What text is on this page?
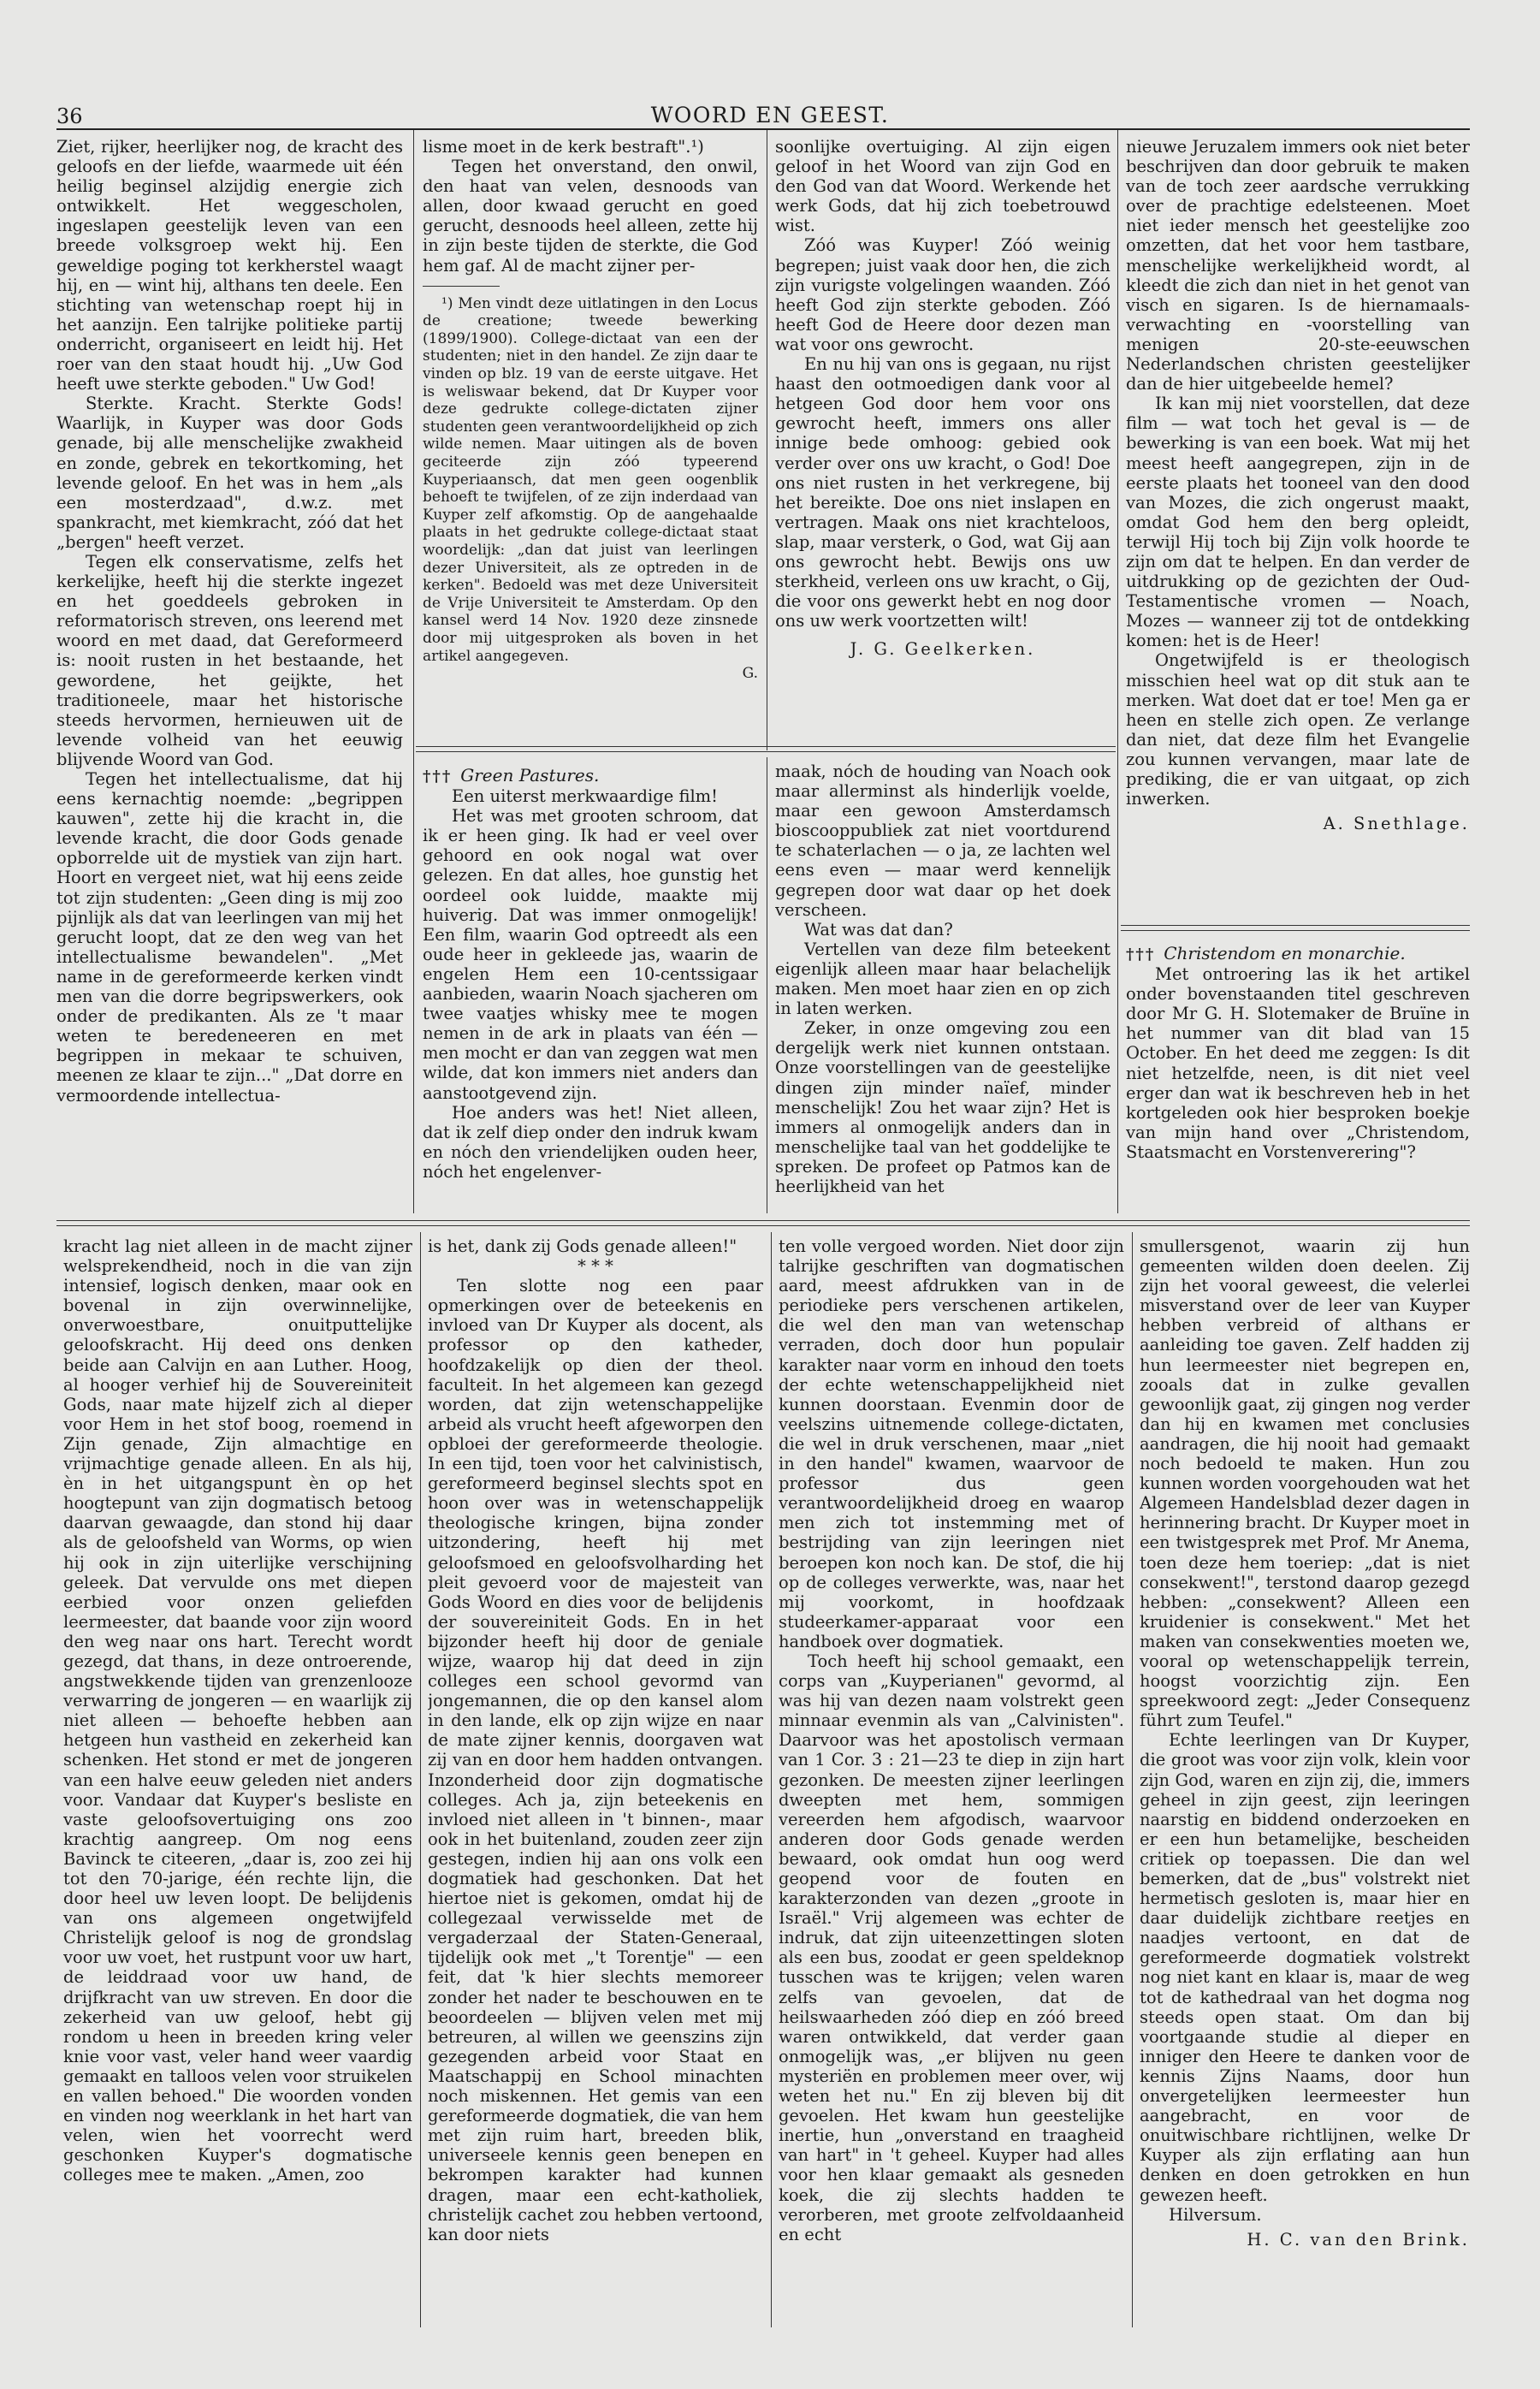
36	WOORD EN GEEST.

Ziet, rijker, heerlijker nog, de kracht des geloofs en der liefde, waarmede uit één heilig beginsel alzijdig energie zich ontwikkelt. Het weggescholen, ingeslapen geestelijk leven van een breede volksgroep wekt hij. Een geweldige poging tot kerkherstel waagt hij, en — wint hij, althans ten deele. Een stichting van wetenschap roept hij in het aanzijn. Een talrijke politieke partij onderricht, organiseert en leidt hij. Het roer van den staat houdt hij. „Uw God heeft uwe sterkte geboden." Uw God!

Sterkte. Kracht. Sterkte Gods! Waarlijk, in Kuyper was door Gods genade, bij alle menschelijke zwakheid en zonde, gebrek en tekortkoming, het levende geloof. En het was in hem „als een mosterdzaad", d.w.z. met spankracht, met kiemkracht, zóó dat het „bergen" heeft verzet.

Tegen elk conservatisme, zelfs het kerkelijke, heeft hij die sterkte ingezet en het goeddeels gebroken in reformatorisch streven, ons leerend met woord en met daad, dat Gereformeerd is: nooit rusten in het bestaande, het gewordene, het geijkte, het traditioneele, maar het historische steeds hervormen, hernieuwen uit de levende volheid van het eeuwig blijvende Woord van God.

Tegen het intellectualisme, dat hij eens kernachtig noemde: „begrippen kauwen", zette hij die kracht in, die levende kracht, die door Gods genade opborrelde uit de mystiek van zijn hart. Hoort en vergeet niet, wat hij eens zeide tot zijn studenten: „Geen ding is mij zoo pijnlijk als dat van leerlingen van mij het gerucht loopt, dat ze den weg van het intellectualisme bewandelen". „Met name in de gereformeerde kerken vindt men van die dorre begripswerkers, ook onder de predikanten. Als ze 't maar weten te beredeneeren en met begrippen in mekaar te schuiven, meenen ze klaar te zijn..." „Dat dorre en vermoordende intellectua-

lisme moet in de kerk bestraft".¹)

Tegen het onverstand, den onwil, den haat van velen, desnoods van allen, door kwaad gerucht en goed gerucht, desnoods heel alleen, zette hij in zijn beste tijden de sterkte, die God hem gaf. Al de macht zijner per-

¹) Men vindt deze uitlatingen in den Locus de creatione; tweede bewerking (1899/1900). College-dictaat van een der studenten; niet in den handel. Ze zijn daar te vinden op blz. 19 van de eerste uitgave. Het is weliswaar bekend, dat Dr Kuyper voor deze gedrukte college-dictaten zijner studenten geen verantwoordelijkheid op zich wilde nemen. Maar uitingen als de boven geciteerde zijn zóó typeerend Kuyperiaansch, dat men geen oogenblik behoeft te twijfelen, of ze zijn inderdaad van Kuyper zelf afkomstig. Op de aangehaalde plaats in het gedrukte college-dictaat staat woordelijk: „dan dat juist van leerlingen dezer Universiteit, als ze optreden in de kerken". Bedoeld was met deze Universiteit de Vrije Universiteit te Amsterdam. Op den kansel werd 14 Nov. 1920 deze zinsnede door mij uitgesproken als boven in het artikel aangegeven.

G.

soonlijke overtuiging. Al zijn eigen geloof in het Woord van zijn God en den God van dat Woord. Werkende het werk Gods, dat hij zich toebetrouwd wist.

Zóó was Kuyper! Zóó weinig begrepen; juist vaak door hen, die zich zijn vurigste volgelingen waanden. Zóó heeft God zijn sterkte geboden. Zóó heeft God de Heere door dezen man wat voor ons gewrocht.

En nu hij van ons is gegaan, nu rijst haast den ootmoedigen dank voor al hetgeen God door hem voor ons gewrocht heeft, immers ons aller innige bede omhoog: gebied ook verder over ons uw kracht, o God! Doe ons niet rusten in het verkregene, bij het bereikte. Doe ons niet inslapen en vertragen. Maak ons niet krachteloos, slap, maar versterk, o God, wat Gij aan ons gewrocht hebt. Bewijs ons uw sterkheid, verleen ons uw kracht, o Gij, die voor ons gewerkt hebt en nog door ons uw werk voortzetten wilt!

J. G. Geelkerken.

††† Green Pastures.

Een uiterst merkwaardige film!

Het was met grooten schroom, dat ik er heen ging. Ik had er veel over gehoord en ook nogal wat over gelezen. En dat alles, hoe gunstig het oordeel ook luidde, maakte mij huiverig. Dat was immer onmogelijk! Een film, waarin God optreedt als een oude heer in gekleede jas, waarin de engelen Hem een 10-centssigaar aanbieden, waarin Noach sjacheren om twee vaatjes whisky mee te mogen nemen in de ark in plaats van één — men mocht er dan van zeggen wat men wilde, dat kon immers niet anders dan aanstootgevend zijn.

Hoe anders was het! Niet alleen, dat ik zelf diep onder den indruk kwam en nóch den vriendelijken ouden heer, nóch het engelenver-

maak, nóch de houding van Noach ook maar allerminst als hinderlijk voelde, maar een gewoon Amsterdamsch bioscooppubliek zat niet voortdurend te schaterlachen — o ja, ze lachten wel eens even — maar werd kennelijk gegrepen door wat daar op het doek verscheen.

Wat was dat dan?

Vertellen van deze film beteekent eigenlijk alleen maar haar belachelijk maken. Men moet haar zien en op zich in laten werken.

Zeker, in onze omgeving zou een dergelijk werk niet kunnen ontstaan. Onze voorstellingen van de geestelijke dingen zijn minder naïef, minder menschelijk! Zou het waar zijn? Het is immers al onmogelijk anders dan in menschelijke taal van het goddelijke te spreken. De profeet op Patmos kan de heerlijkheid van het

nieuwe Jeruzalem immers ook niet beter beschrijven dan door gebruik te maken van de toch zeer aardsche verrukking over de prachtige edelsteenen. Moet niet ieder mensch het geestelijke zoo omzetten, dat het voor hem tastbare, menschelijke werkelijkheid wordt, al kleedt die zich dan niet in het genot van visch en sigaren. Is de hiernamaals-verwachting en -voorstelling van menigen 20-ste-eeuwschen Nederlandschen christen geestelijker dan de hier uitgebeelde hemel?

Ik kan mij niet voorstellen, dat deze film — wat toch het geval is — de bewerking is van een boek. Wat mij het meest heeft aangegrepen, zijn in de eerste plaats het tooneel van den dood van Mozes, die zich ongerust maakt, omdat God hem den berg opleidt, terwijl Hij toch bij Zijn volk hoorde te zijn om dat te helpen. En dan verder de uitdrukking op de gezichten der Oud-Testamentische vromen — Noach, Mozes — wanneer zij tot de ontdekking komen: het is de Heer!

Ongetwijfeld is er theologisch misschien heel wat op dit stuk aan te merken. Wat doet dat er toe! Men ga er heen en stelle zich open. Ze verlange dan niet, dat deze film het Evangelie zou kunnen vervangen, maar late de prediking, die er van uitgaat, op zich inwerken.

A. Snethlage.

††† Christendom en monarchie.

Met ontroering las ik het artikel onder bovenstaanden titel geschreven door Mr G. H. Slotemaker de Bruïne in het nummer van dit blad van 15 October. En het deed me zeggen: Is dit niet hetzelfde, neen, is dit niet veel erger dan wat ik beschreven heb in het kortgeleden ook hier besproken boekje van mijn hand over „Christendom, Staatsmacht en Vorstenverering"?

kracht lag niet alleen in de macht zijner welsprekendheid, noch in die van zijn intensief, logisch denken, maar ook en bovenal in zijn overwinnelijke, onverwoestbare, onuitputtelijke geloofskracht. Hij deed ons denken beide aan Calvijn en aan Luther. Hoog, al hooger verhief hij de Souvereiniteit Gods, naar mate hijzelf zich al dieper voor Hem in het stof boog, roemend in Zijn genade, Zijn almachtige en vrijmachtige genade alleen. En als hij, èn in het uitgangspunt èn op het hoogtepunt van zijn dogmatisch betoog daarvan gewaagde, dan stond hij daar als de geloofsheld van Worms, op wien hij ook in zijn uiterlijke verschijning geleek. Dat vervulde ons met diepen eerbied voor onzen geliefden leermeester, dat baande voor zijn woord den weg naar ons hart. Terecht wordt gezegd, dat thans, in deze ontroerende, angstwekkende tijden van grenzenlooze verwarring de jongeren — en waarlijk zij niet alleen — behoefte hebben aan hetgeen hun vastheid en zekerheid kan schenken. Het stond er met de jongeren van een halve eeuw geleden niet anders voor. Vandaar dat Kuyper's besliste en vaste geloofsovertuiging ons zoo krachtig aangreep. Om nog eens Bavinck te citeeren, „daar is, zoo zei hij tot den 70-jarige, één rechte lijn, die door heel uw leven loopt. De belijdenis van ons algemeen ongetwijfeld Christelijk geloof is nog de grondslag voor uw voet, het rustpunt voor uw hart, de leiddraad voor uw hand, de drijfkracht van uw streven. En door die zekerheid van uw geloof, hebt gij rondom u heen in breeden kring veler knie voor vast, veler hand weer vaardig gemaakt en talloos velen voor struikelen en vallen behoed." Die woorden vonden en vinden nog weerklank in het hart van velen, wien het voorrecht werd geschonken Kuyper's dogmatische colleges mee te maken. „Amen, zoo

is het, dank zij Gods genade alleen!"

* * *

Ten slotte nog een paar opmerkingen over de beteekenis en invloed van Dr Kuyper als docent, als professor op den katheder, hoofdzakelijk op dien der theol. faculteit. In het algemeen kan gezegd worden, dat zijn wetenschappelijke arbeid als vrucht heeft afgeworpen den opbloei der gereformeerde theologie. In een tijd, toen voor het calvinistisch, gereformeerd beginsel slechts spot en hoon over was in wetenschappelijk theologische kringen, bijna zonder uitzondering, heeft hij met geloofsmoed en geloofsvolharding het pleit gevoerd voor de majesteit van Gods Woord en dies voor de belijdenis der souvereiniteit Gods. En in het bijzonder heeft hij door de geniale wijze, waarop hij dat deed in zijn colleges een school gevormd van jongemannen, die op den kansel alom in den lande, elk op zijn wijze en naar de mate zijner kennis, doorgaven wat zij van en door hem hadden ontvangen. Inzonderheid door zijn dogmatische colleges. Ach ja, zijn beteekenis en invloed niet alleen in 't binnen-, maar ook in het buitenland, zouden zeer zijn gestegen, indien hij aan ons volk een dogmatiek had geschonken. Dat het hiertoe niet is gekomen, omdat hij de collegezaal verwisselde met de vergaderzaal der Staten-Generaal, tijdelijk ook met „'t Torentje" — een feit, dat 'k hier slechts memoreer zonder het nader te beschouwen en te beoordeelen — blijven velen met mij betreuren, al willen we geenszins zijn gezegenden arbeid voor Staat en Maatschappij en School minachten noch miskennen. Het gemis van een gereformeerde dogmatiek, die van hem met zijn ruim hart, breeden blik, universeele kennis geen benepen en bekrompen karakter had kunnen dragen, maar een echt-katholiek, christelijk cachet zou hebben vertoond, kan door niets

ten volle vergoed worden. Niet door zijn talrijke geschriften van dogmatischen aard, meest afdrukken van in de periodieke pers verschenen artikelen, die wel den man van wetenschap verraden, doch door hun populair karakter naar vorm en inhoud den toets der echte wetenschappelijkheid niet kunnen doorstaan. Evenmin door de veelszins uitnemende college-dictaten, die wel in druk verschenen, maar „niet in den handel" kwamen, waarvoor de professor dus geen verantwoordelijkheid droeg en waarop men zich tot instemming met of bestrijding van zijn leeringen niet beroepen kon noch kan. De stof, die hij op de colleges verwerkte, was, naar het mij voorkomt, in hoofdzaak studeerkamer-apparaat voor een handboek over dogmatiek.

Toch heeft hij school gemaakt, een corps van „Kuyperianen" gevormd, al was hij van dezen naam volstrekt geen minnaar evenmin als van „Calvinisten". Daarvoor was het apostolisch vermaan van 1 Cor. 3 : 21—23 te diep in zijn hart gezonken. De meesten zijner leerlingen dweepten met hem, sommigen vereerden hem afgodisch, waarvoor anderen door Gods genade werden bewaard, ook omdat hun oog werd geopend voor de fouten en karakterzonden van dezen „groote in Israël." Vrij algemeen was echter de indruk, dat zijn uiteenzettingen sloten als een bus, zoodat er geen speldeknop tusschen was te krijgen; velen waren zelfs van gevoelen, dat de heilswaarheden zóó diep en zóó breed waren ontwikkeld, dat verder gaan onmogelijk was, „er blijven nu geen mysteriën en problemen meer over, wij weten het nu." En zij bleven bij dit gevoelen. Het kwam hun geestelijke inertie, hun „onverstand en traagheid van hart" in 't geheel. Kuyper had alles voor hen klaar gemaakt als gesneden koek, die zij slechts hadden te verorberen, met groote zelfvoldaanheid en echt

smullersgenot, waarin zij hun gemeenten wilden doen deelen. Zij zijn het vooral geweest, die velerlei misverstand over de leer van Kuyper hebben verbreid of althans er aanleiding toe gaven. Zelf hadden zij hun leermeester niet begrepen en, zooals dat in zulke gevallen gewoonlijk gaat, zij gingen nog verder dan hij en kwamen met conclusies aandragen, die hij nooit had gemaakt noch bedoeld te maken. Hun zou kunnen worden voorgehouden wat het Algemeen Handelsblad dezer dagen in herinnering bracht. Dr Kuyper moet in een twistgesprek met Prof. Mr Anema, toen deze hem toeriep: „dat is niet consekwent!", terstond daarop gezegd hebben: „consekwent? Alleen een kruidenier is consekwent." Met het maken van consekwenties moeten we, vooral op wetenschappelijk terrein, hoogst voorzichtig zijn. Een spreekwoord zegt: „Jeder Consequenz führt zum Teufel."

Echte leerlingen van Dr Kuyper, die groot was voor zijn volk, klein voor zijn God, waren en zijn zij, die, immers geheel in zijn geest, zijn leeringen naarstig en biddend onderzoeken en er een hun betamelijke, bescheiden critiek op toepassen. Die dan wel bemerken, dat de „bus" volstrekt niet hermetisch gesloten is, maar hier en daar duidelijk zichtbare reetjes en naadjes vertoont, en dat de gereformeerde dogmatiek volstrekt nog niet kant en klaar is, maar de weg tot de kathedraal van het dogma nog steeds open staat. Om dan bij voortgaande studie al dieper en inniger den Heere te danken voor de kennis Zijns Naams, door hun onvergetelijken leermeester hun aangebracht, en voor de onuitwischbare richtlijnen, welke Dr Kuyper als zijn erflating aan hun denken en doen getrokken en hun gewezen heeft.

Hilversum.

H. C. van den Brink.
